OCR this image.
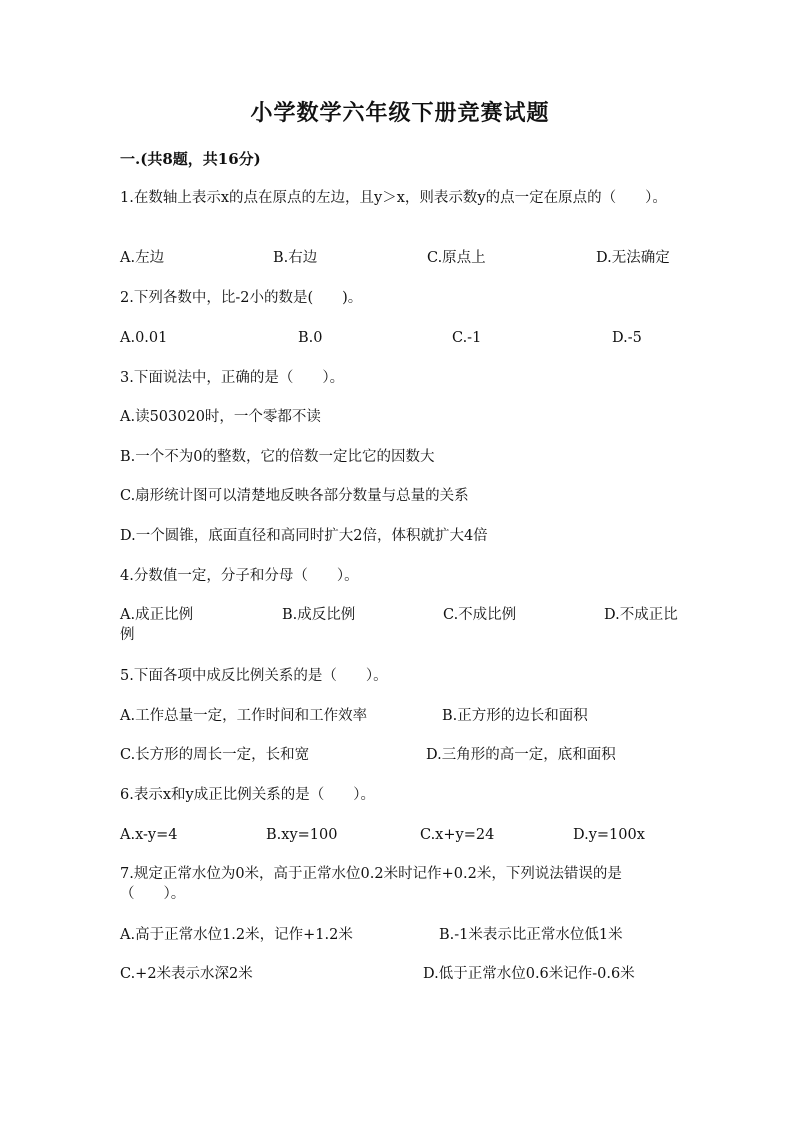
小学数学六年级下册竞赛试题
一.(共8题，共16分)
1.在数轴上表示x的点在原点的左边，且y＞x，则表示数y的点一定在原点的（　　）。
A.左边	B.右边	C.原点上	D.无法确定
2.下列各数中，比-2小的数是(　　)。
A.0.01	B.0	C.-1	D.-5
3.下面说法中，正确的是（　　）。
A.读503020时，一个零都不读
B.一个不为0的整数，它的倍数一定比它的因数大
C.扇形统计图可以清楚地反映各部分数量与总量的关系
D.一个圆锥，底面直径和高同时扩大2倍，体积就扩大4倍
4.分数值一定，分子和分母（　　）。
A.成正比例	B.成反比例	C.不成比例	D.不成正比例
5.下面各项中成反比例关系的是（　　）。
A.工作总量一定，工作时间和工作效率	B.正方形的边长和面积
C.长方形的周长一定，长和宽	D.三角形的高一定，底和面积
6.表示x和y成正比例关系的是（　　）。
A.x-y=4	B.xy=100	C.x+y=24	D.y=100x
7.规定正常水位为0米，高于正常水位0.2米时记作+0.2米，下列说法错误的是（　　）。
A.高于正常水位1.2米，记作+1.2米	B.-1米表示比正常水位低1米
C.+2米表示水深2米	D.低于正常水位0.6米记作-0.6米
